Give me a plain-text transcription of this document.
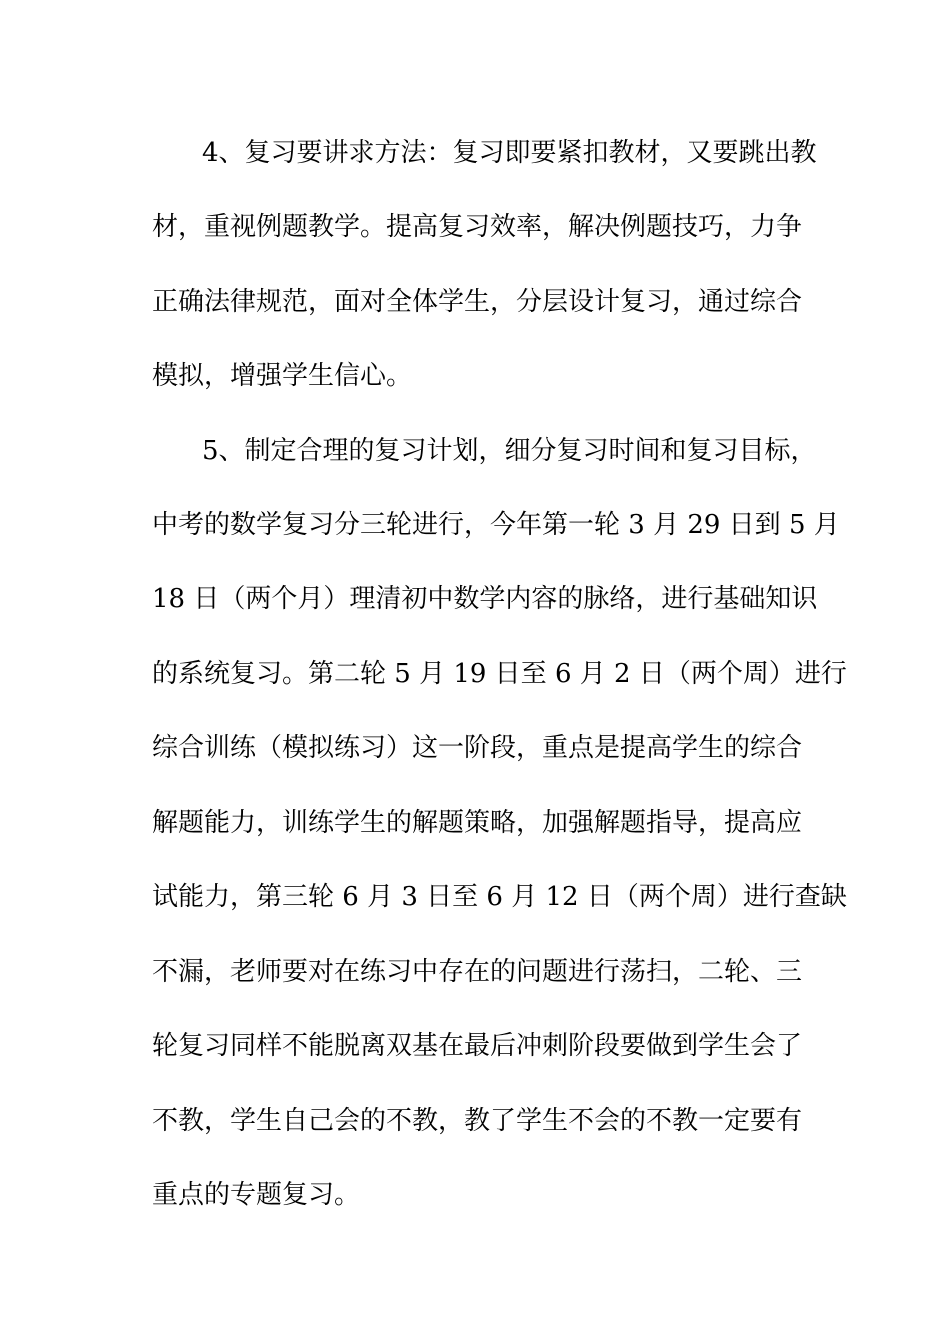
4、复习要讲求方法：复习即要紧扣教材，又要跳出教
材，重视例题教学。提高复习效率，解决例题技巧，力争
正确法律规范，面对全体学生，分层设计复习，通过综合
模拟，增强学生信心。
5、制定合理的复习计划，细分复习时间和复习目标，
中考的数学复习分三轮进行，今年第一轮 3 月 29 日到 5 月
18 日（两个月）理清初中数学内容的脉络，进行基础知识
的系统复习。第二轮 5 月 19 日至 6 月 2 日（两个周）进行
综合训练（模拟练习）这一阶段，重点是提高学生的综合
解题能力，训练学生的解题策略，加强解题指导，提高应
试能力，第三轮 6 月 3 日至 6 月 12 日（两个周）进行查缺
不漏，老师要对在练习中存在的问题进行荡扫，二轮、三
轮复习同样不能脱离双基在最后冲刺阶段要做到学生会了
不教，学生自己会的不教，教了学生不会的不教一定要有
重点的专题复习。
